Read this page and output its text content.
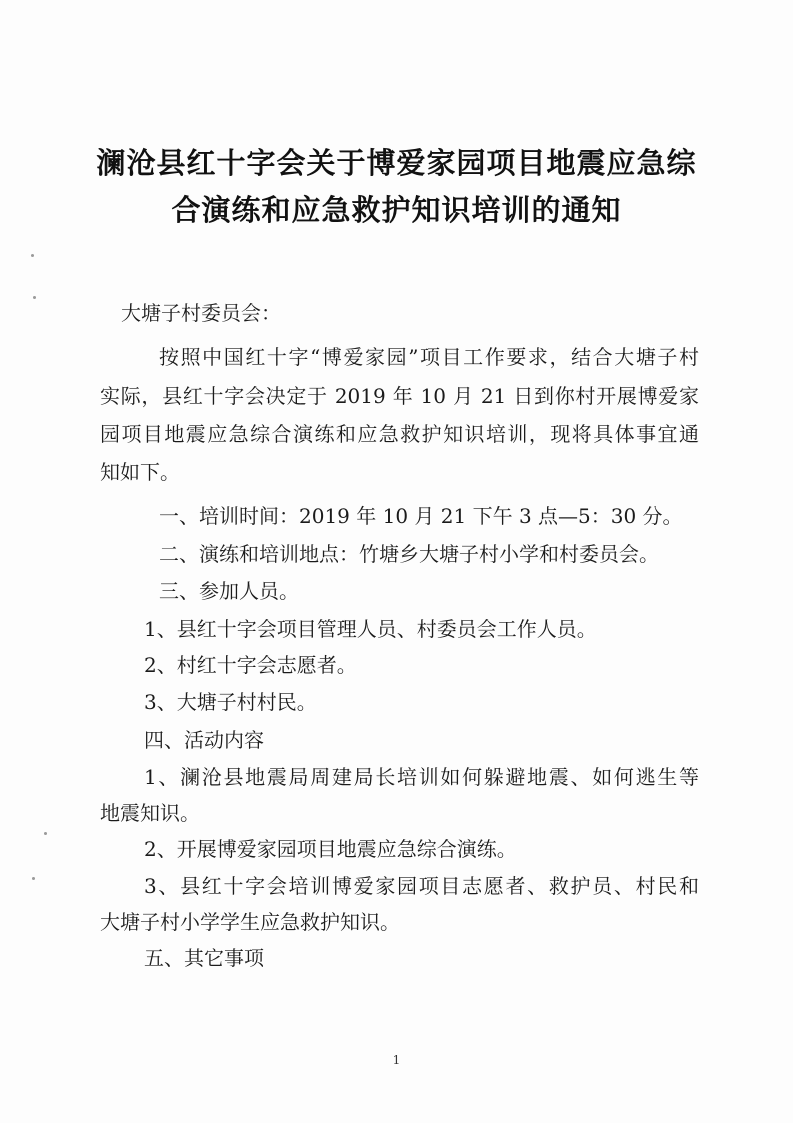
澜沧县红十字会关于博爱家园项目地震应急综
合演练和应急救护知识培训的通知
大塘子村委员会：
按照中国红十字“博爱家园”项目工作要求，结合大塘子村
实际，县红十字会决定于 2019 年 10 月 21 日到你村开展博爱家
园项目地震应急综合演练和应急救护知识培训，现将具体事宜通
知如下。
一、培训时间：2019 年 10 月 21 下午 3 点—5：30 分。
二、演练和培训地点：竹塘乡大塘子村小学和村委员会。
三、参加人员。
1、县红十字会项目管理人员、村委员会工作人员。
2、村红十字会志愿者。
3、大塘子村村民。
四、活动内容
1、澜沧县地震局周建局长培训如何躲避地震、如何逃生等
地震知识。
2、开展博爱家园项目地震应急综合演练。
3、县红十字会培训博爱家园项目志愿者、救护员、村民和
大塘子村小学学生应急救护知识。
五、其它事项
1
